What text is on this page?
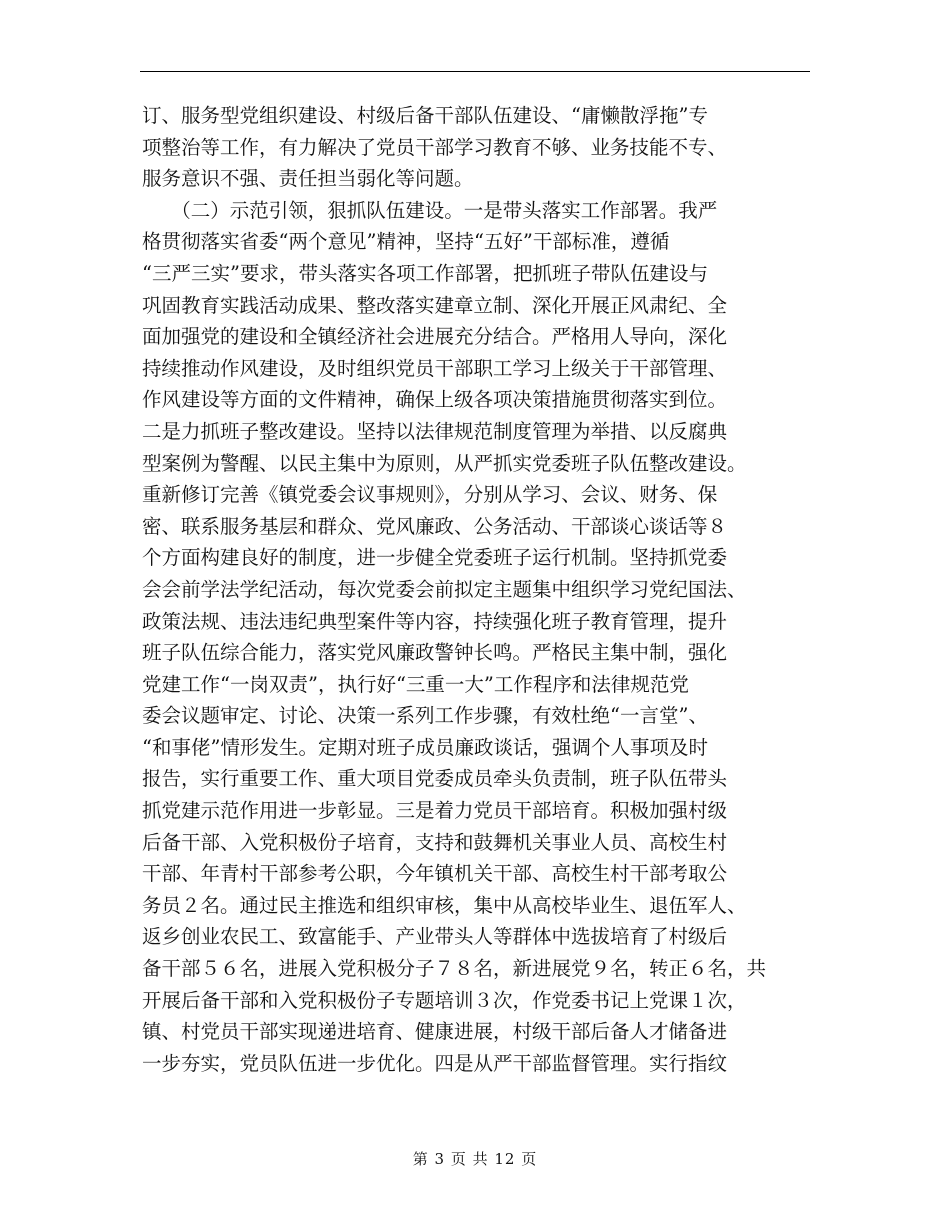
订、服务型党组织建设、村级后备干部队伍建设、“庸懒散浮拖”专
项整治等工作，有力解决了党员干部学习教育不够、业务技能不专、
服务意识不强、责任担当弱化等问题。
　　（二）示范引领，狠抓队伍建设。一是带头落实工作部署。我严
格贯彻落实省委“两个意见”精神，坚持“五好”干部标准，遵循
“三严三实”要求，带头落实各项工作部署，把抓班子带队伍建设与
巩固教育实践活动成果、整改落实建章立制、深化开展正风肃纪、全
面加强党的建设和全镇经济社会进展充分结合。严格用人导向，深化
持续推动作风建设，及时组织党员干部职工学习上级关于干部管理、
作风建设等方面的文件精神，确保上级各项决策措施贯彻落实到位。
二是力抓班子整改建设。坚持以法律规范制度管理为举措、以反腐典
型案例为警醒、以民主集中为原则，从严抓实党委班子队伍整改建设。
重新修订完善《镇党委会议事规则》，分别从学习、会议、财务、保
密、联系服务基层和群众、党风廉政、公务活动、干部谈心谈话等８
个方面构建良好的制度，进一步健全党委班子运行机制。坚持抓党委
会会前学法学纪活动，每次党委会前拟定主题集中组织学习党纪国法、
政策法规、违法违纪典型案件等内容，持续强化班子教育管理，提升
班子队伍综合能力，落实党风廉政警钟长鸣。严格民主集中制，强化
党建工作“一岗双责”，执行好“三重一大”工作程序和法律规范党
委会议题审定、讨论、决策一系列工作步骤，有效杜绝“一言堂”、
“和事佬”情形发生。定期对班子成员廉政谈话，强调个人事项及时
报告，实行重要工作、重大项目党委成员牵头负责制，班子队伍带头
抓党建示范作用进一步彰显。三是着力党员干部培育。积极加强村级
后备干部、入党积极份子培育，支持和鼓舞机关事业人员、高校生村
干部、年青村干部参考公职，今年镇机关干部、高校生村干部考取公
务员２名。通过民主推选和组织审核，集中从高校毕业生、退伍军人、
返乡创业农民工、致富能手、产业带头人等群体中选拔培育了村级后
备干部５６名，进展入党积极分子７８名，新进展党９名，转正６名，共
开展后备干部和入党积极份子专题培训３次，作党委书记上党课１次，
镇、村党员干部实现递进培育、健康进展，村级干部后备人才储备进
一步夯实，党员队伍进一步优化。四是从严干部监督管理。实行指纹
第 3 页 共 12 页
